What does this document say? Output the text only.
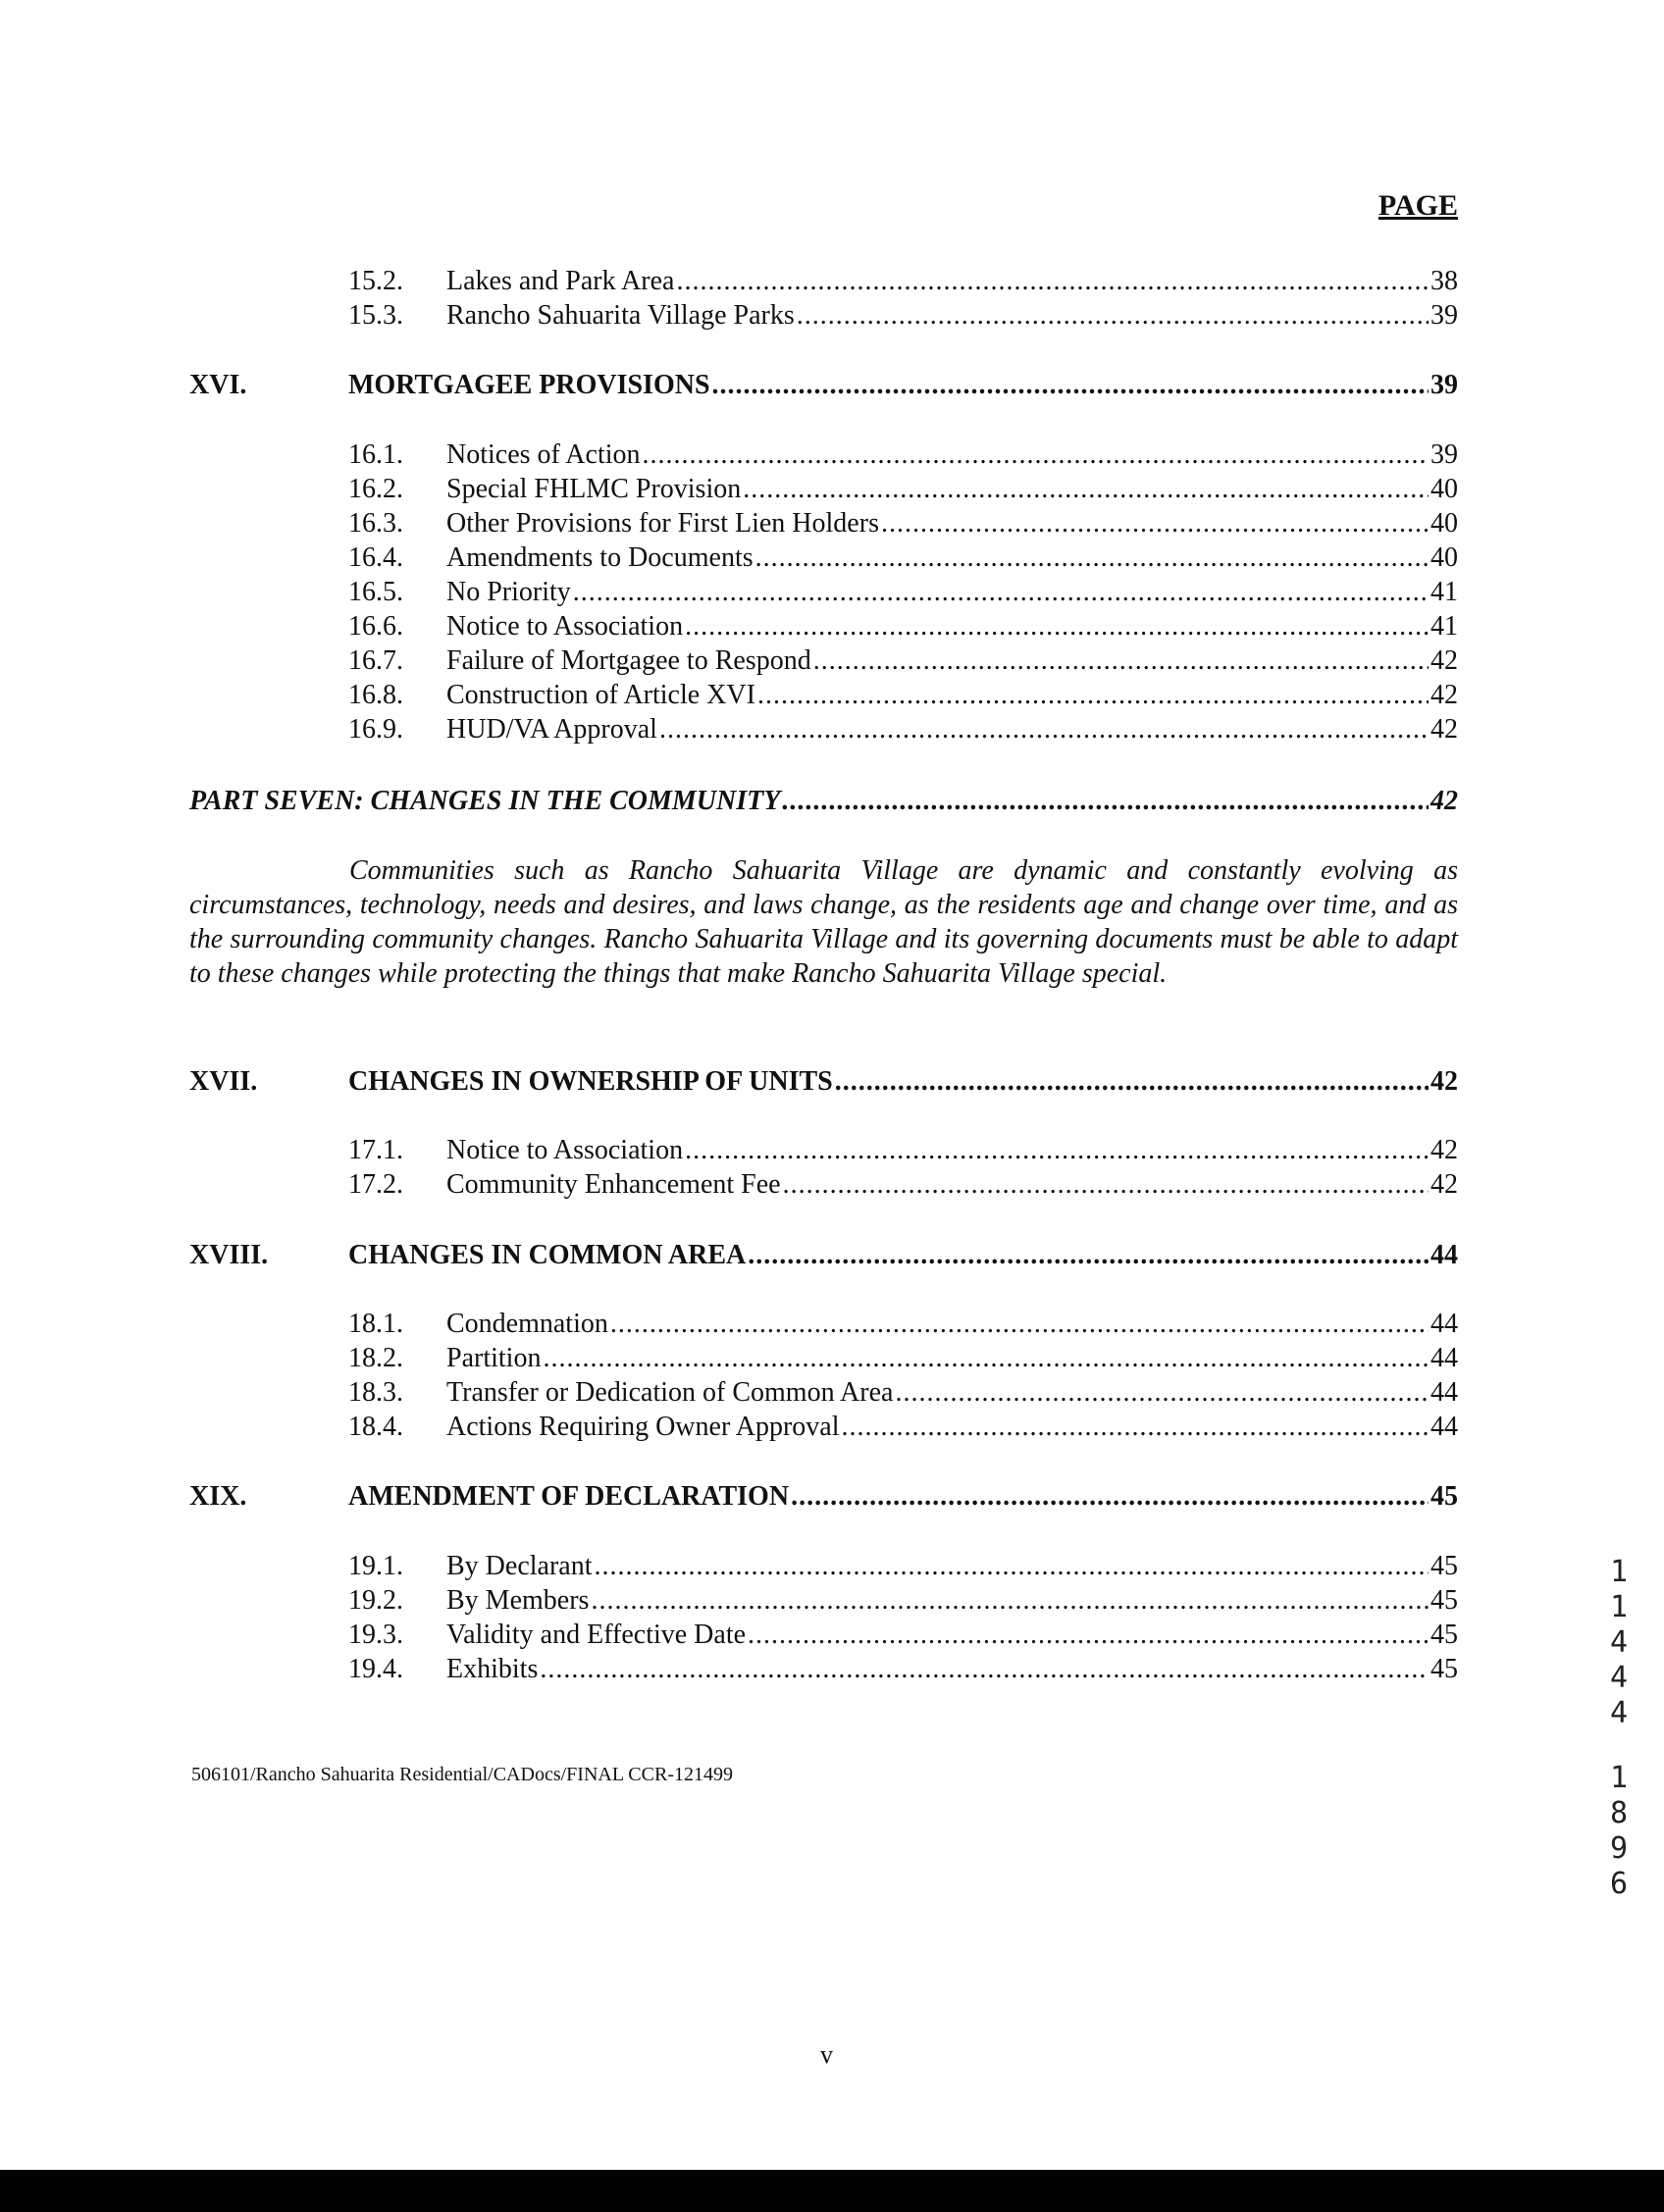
PAGE
15.2. Lakes and Park Area .....	38
15.3. Rancho Sahuarita Village Parks .....	39
XVI.	MORTGAGEE PROVISIONS .....	39
16.1. Notices of Action .....	39
16.2. Special FHLMC Provision .....	40
16.3. Other Provisions for First Lien Holders .....	40
16.4. Amendments to Documents .....	40
16.5. No Priority .....	41
16.6. Notice to Association .....	41
16.7. Failure of Mortgagee to Respond .....	42
16.8. Construction of Article XVI .....	42
16.9. HUD/VA Approval .....	42
PART SEVEN: CHANGES IN THE COMMUNITY .....	42
Communities such as Rancho Sahuarita Village are dynamic and constantly evolving as circumstances, technology, needs and desires, and laws change, as the residents age and change over time, and as the surrounding community changes. Rancho Sahuarita Village and its governing documents must be able to adapt to these changes while protecting the things that make Rancho Sahuarita Village special.
XVII.	CHANGES IN OWNERSHIP OF UNITS .....	42
17.1. Notice to Association .....	42
17.2. Community Enhancement Fee .....	42
XVIII.	CHANGES IN COMMON AREA .....	44
18.1. Condemnation .....	44
18.2. Partition .....	44
18.3. Transfer or Dedication of Common Area .....	44
18.4. Actions Requiring Owner Approval .....	44
XIX.	AMENDMENT OF DECLARATION .....	45
19.1. By Declarant .....	45
19.2. By Members .....	45
19.3. Validity and Effective Date .....	45
19.4. Exhibits .....	45
506101/Rancho Sahuarita Residential/CADocs/FINAL CCR-121499
1
1
4
4
4
1
8
9
6
v
